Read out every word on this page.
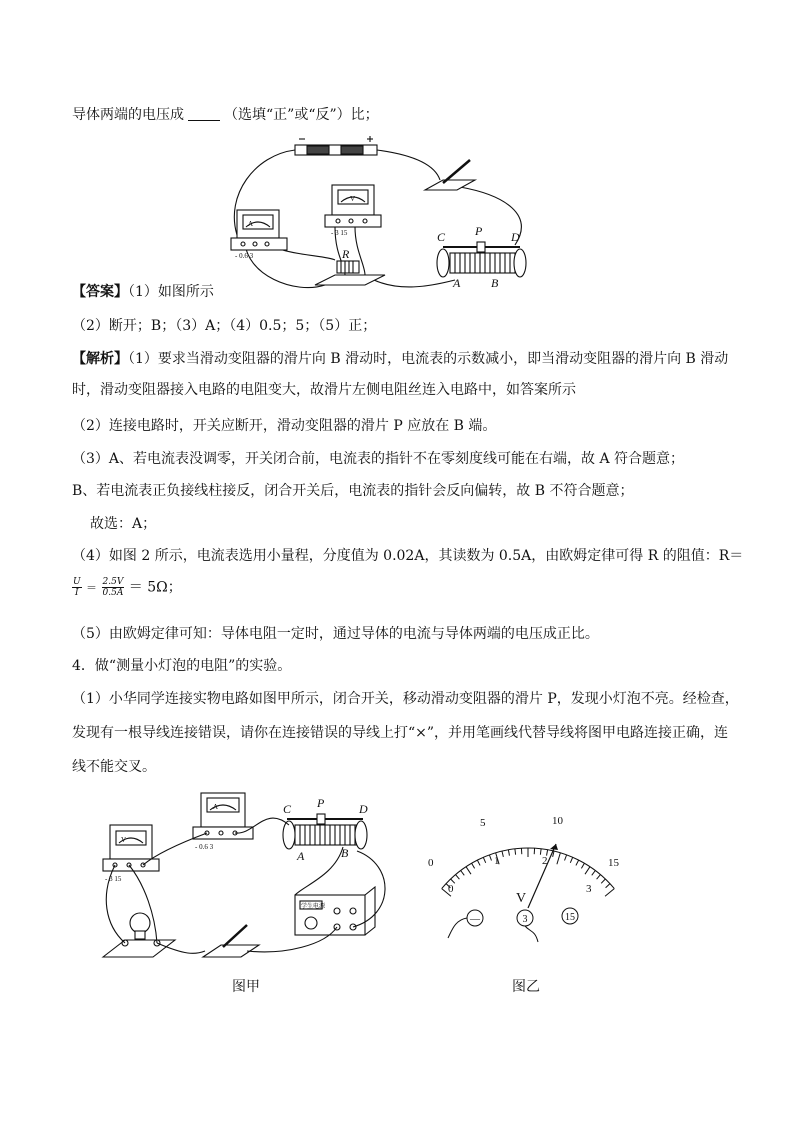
导体两端的电压成	（选填“正”或“反”）比；
C P D
R
A	B
A
V
- 0.6 3
- 3 15
【答案】（1）如图所示
（2）断开；B；（3）A；（4）0.5；5；（5）正；
【解析】（1）要求当滑动变阻器的滑片向 B 滑动时，电流表的示数减小，即当滑动变阻器的滑片向 B 滑动
时，滑动变阻器接入电路的电阻变大，故滑片左侧电阻丝连入电路中，如答案所示
（2）连接电路时，开关应断开，滑动变阻器的滑片 P 应放在 B 端。
（3）A、若电流表没调零，开关闭合前，电流表的指针不在零刻度线可能在右端，故 A 符合题意；
B、若电流表正负接线柱接反，闭合开关后，电流表的指针会反向偏转，故 B 不符合题意；
故选：A；
（4）如图 2 所示，电流表选用小量程，分度值为 0.02A，其读数为 0.5A，由欧姆定律可得 R 的阻值：R＝
$\frac{U}{I} = \frac{2.5V}{0.5A} = 5\Omega$；
（5）由欧姆定律可知：导体电阻一定时，通过导体的电流与导体两端的电压成正比。
4．做“测量小灯泡的电阻”的实验。
（1）小华同学连接实物电路如图甲所示，闭合开关，移动滑动变阻器的滑片 P，发现小灯泡不亮。经检查，
发现有一根导线连接错误，请你在连接错误的导线上打“×”，并用笔画线代替导线将图甲电路连接正确，连
线不能交叉。
C P	D
A	B
V
A
- 0.6 3
- 3 15
学生电源
图甲
0
5	10
15
0
1	2
3
V
—	3	15
图乙
